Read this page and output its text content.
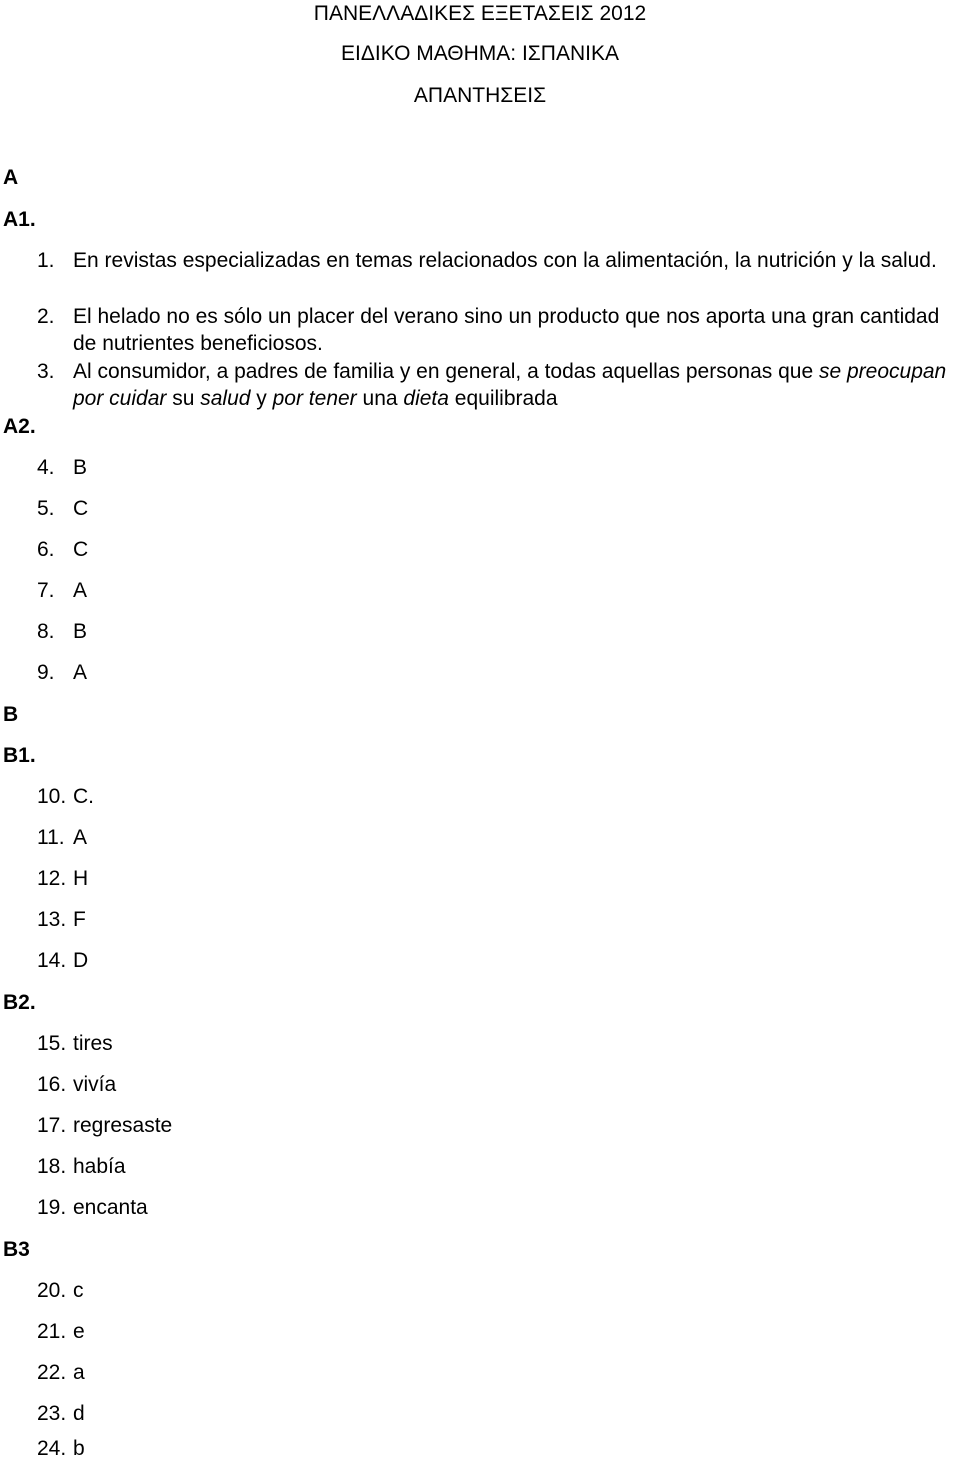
ΠΑΝΕΛΛΑΔΙΚΕΣ ΕΞΕΤΑΣΕΙΣ 2012
ΕΙΔΙΚΟ ΜΑΘΗΜΑ: ΙΣΠΑΝΙΚΑ
ΑΠΑΝΤΗΣΕΙΣ
A
A1.
1. En revistas especializadas en temas relacionados con la alimentación, la nutrición y la salud.
2. El helado no es sólo un placer del verano sino un producto que nos aporta una gran cantidad de nutrientes beneficiosos.
3. Al consumidor, a padres de familia y en general, a todas aquellas personas que se preocupan por cuidar su salud y por tener una dieta equilibrada
A2.
4. B
5. C
6. C
7. A
8. B
9. A
B
B1.
10. C.
11. A
12. H
13. F
14. D
B2.
15. tires
16. vivía
17. regresaste
18. había
19. encanta
B3
20. c
21. e
22. a
23. d
24. b
